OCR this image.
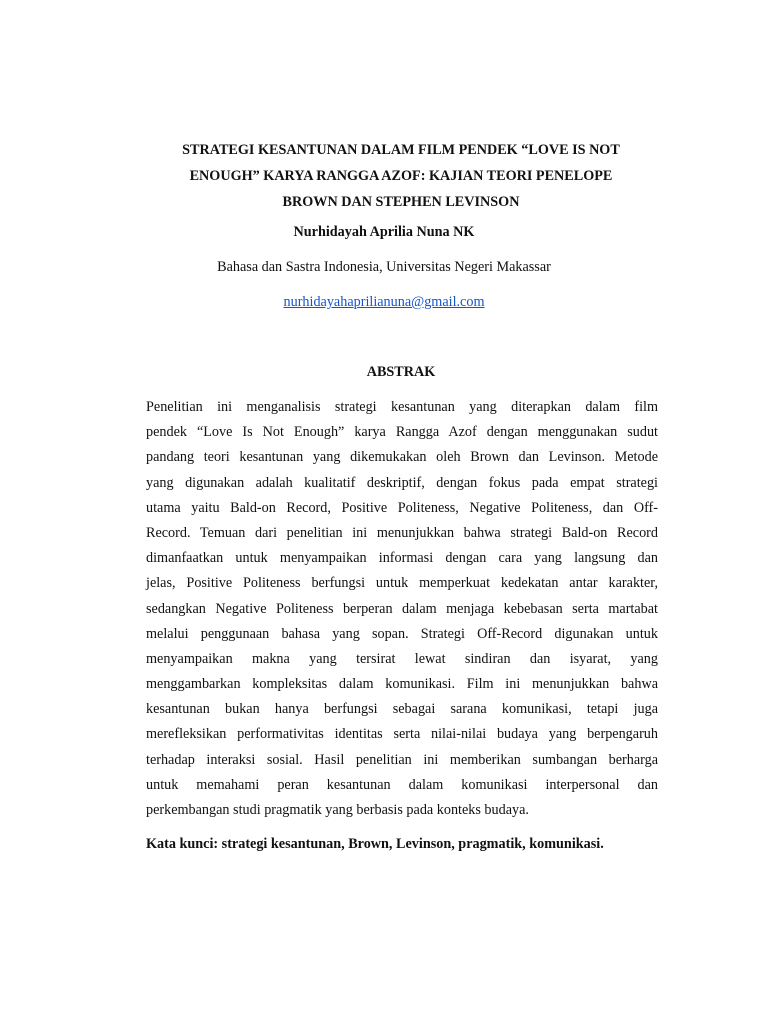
STRATEGI KESANTUNAN DALAM FILM PENDEK “LOVE IS NOT
ENOUGH” KARYA RANGGA AZOF: KAJIAN TEORI PENELOPE
BROWN DAN STEPHEN LEVINSON
Nurhidayah Aprilia Nuna NK
Bahasa dan Sastra Indonesia, Universitas Negeri Makassar
nurhidayahaprilianuna@gmail.com
ABSTRAK
Penelitian ini menganalisis strategi kesantunan yang diterapkan dalam film
pendek “Love Is Not Enough” karya Rangga Azof dengan menggunakan sudut
pandang teori kesantunan yang dikemukakan oleh Brown dan Levinson. Metode
yang digunakan adalah kualitatif deskriptif, dengan fokus pada empat strategi
utama yaitu Bald-on Record, Positive Politeness, Negative Politeness, dan Off-
Record. Temuan dari penelitian ini menunjukkan bahwa strategi Bald-on Record
dimanfaatkan untuk menyampaikan informasi dengan cara yang langsung dan
jelas, Positive Politeness berfungsi untuk memperkuat kedekatan antar karakter,
sedangkan Negative Politeness berperan dalam menjaga kebebasan serta martabat
melalui penggunaan bahasa yang sopan. Strategi Off-Record digunakan untuk
menyampaikan makna yang tersirat lewat sindiran dan isyarat, yang
menggambarkan kompleksitas dalam komunikasi. Film ini menunjukkan bahwa
kesantunan bukan hanya berfungsi sebagai sarana komunikasi, tetapi juga
merefleksikan performativitas identitas serta nilai-nilai budaya yang berpengaruh
terhadap interaksi sosial. Hasil penelitian ini memberikan sumbangan berharga
untuk memahami peran kesantunan dalam komunikasi interpersonal dan
perkembangan studi pragmatik yang berbasis pada konteks budaya.
Kata kunci: strategi kesantunan, Brown, Levinson, pragmatik, komunikasi.
